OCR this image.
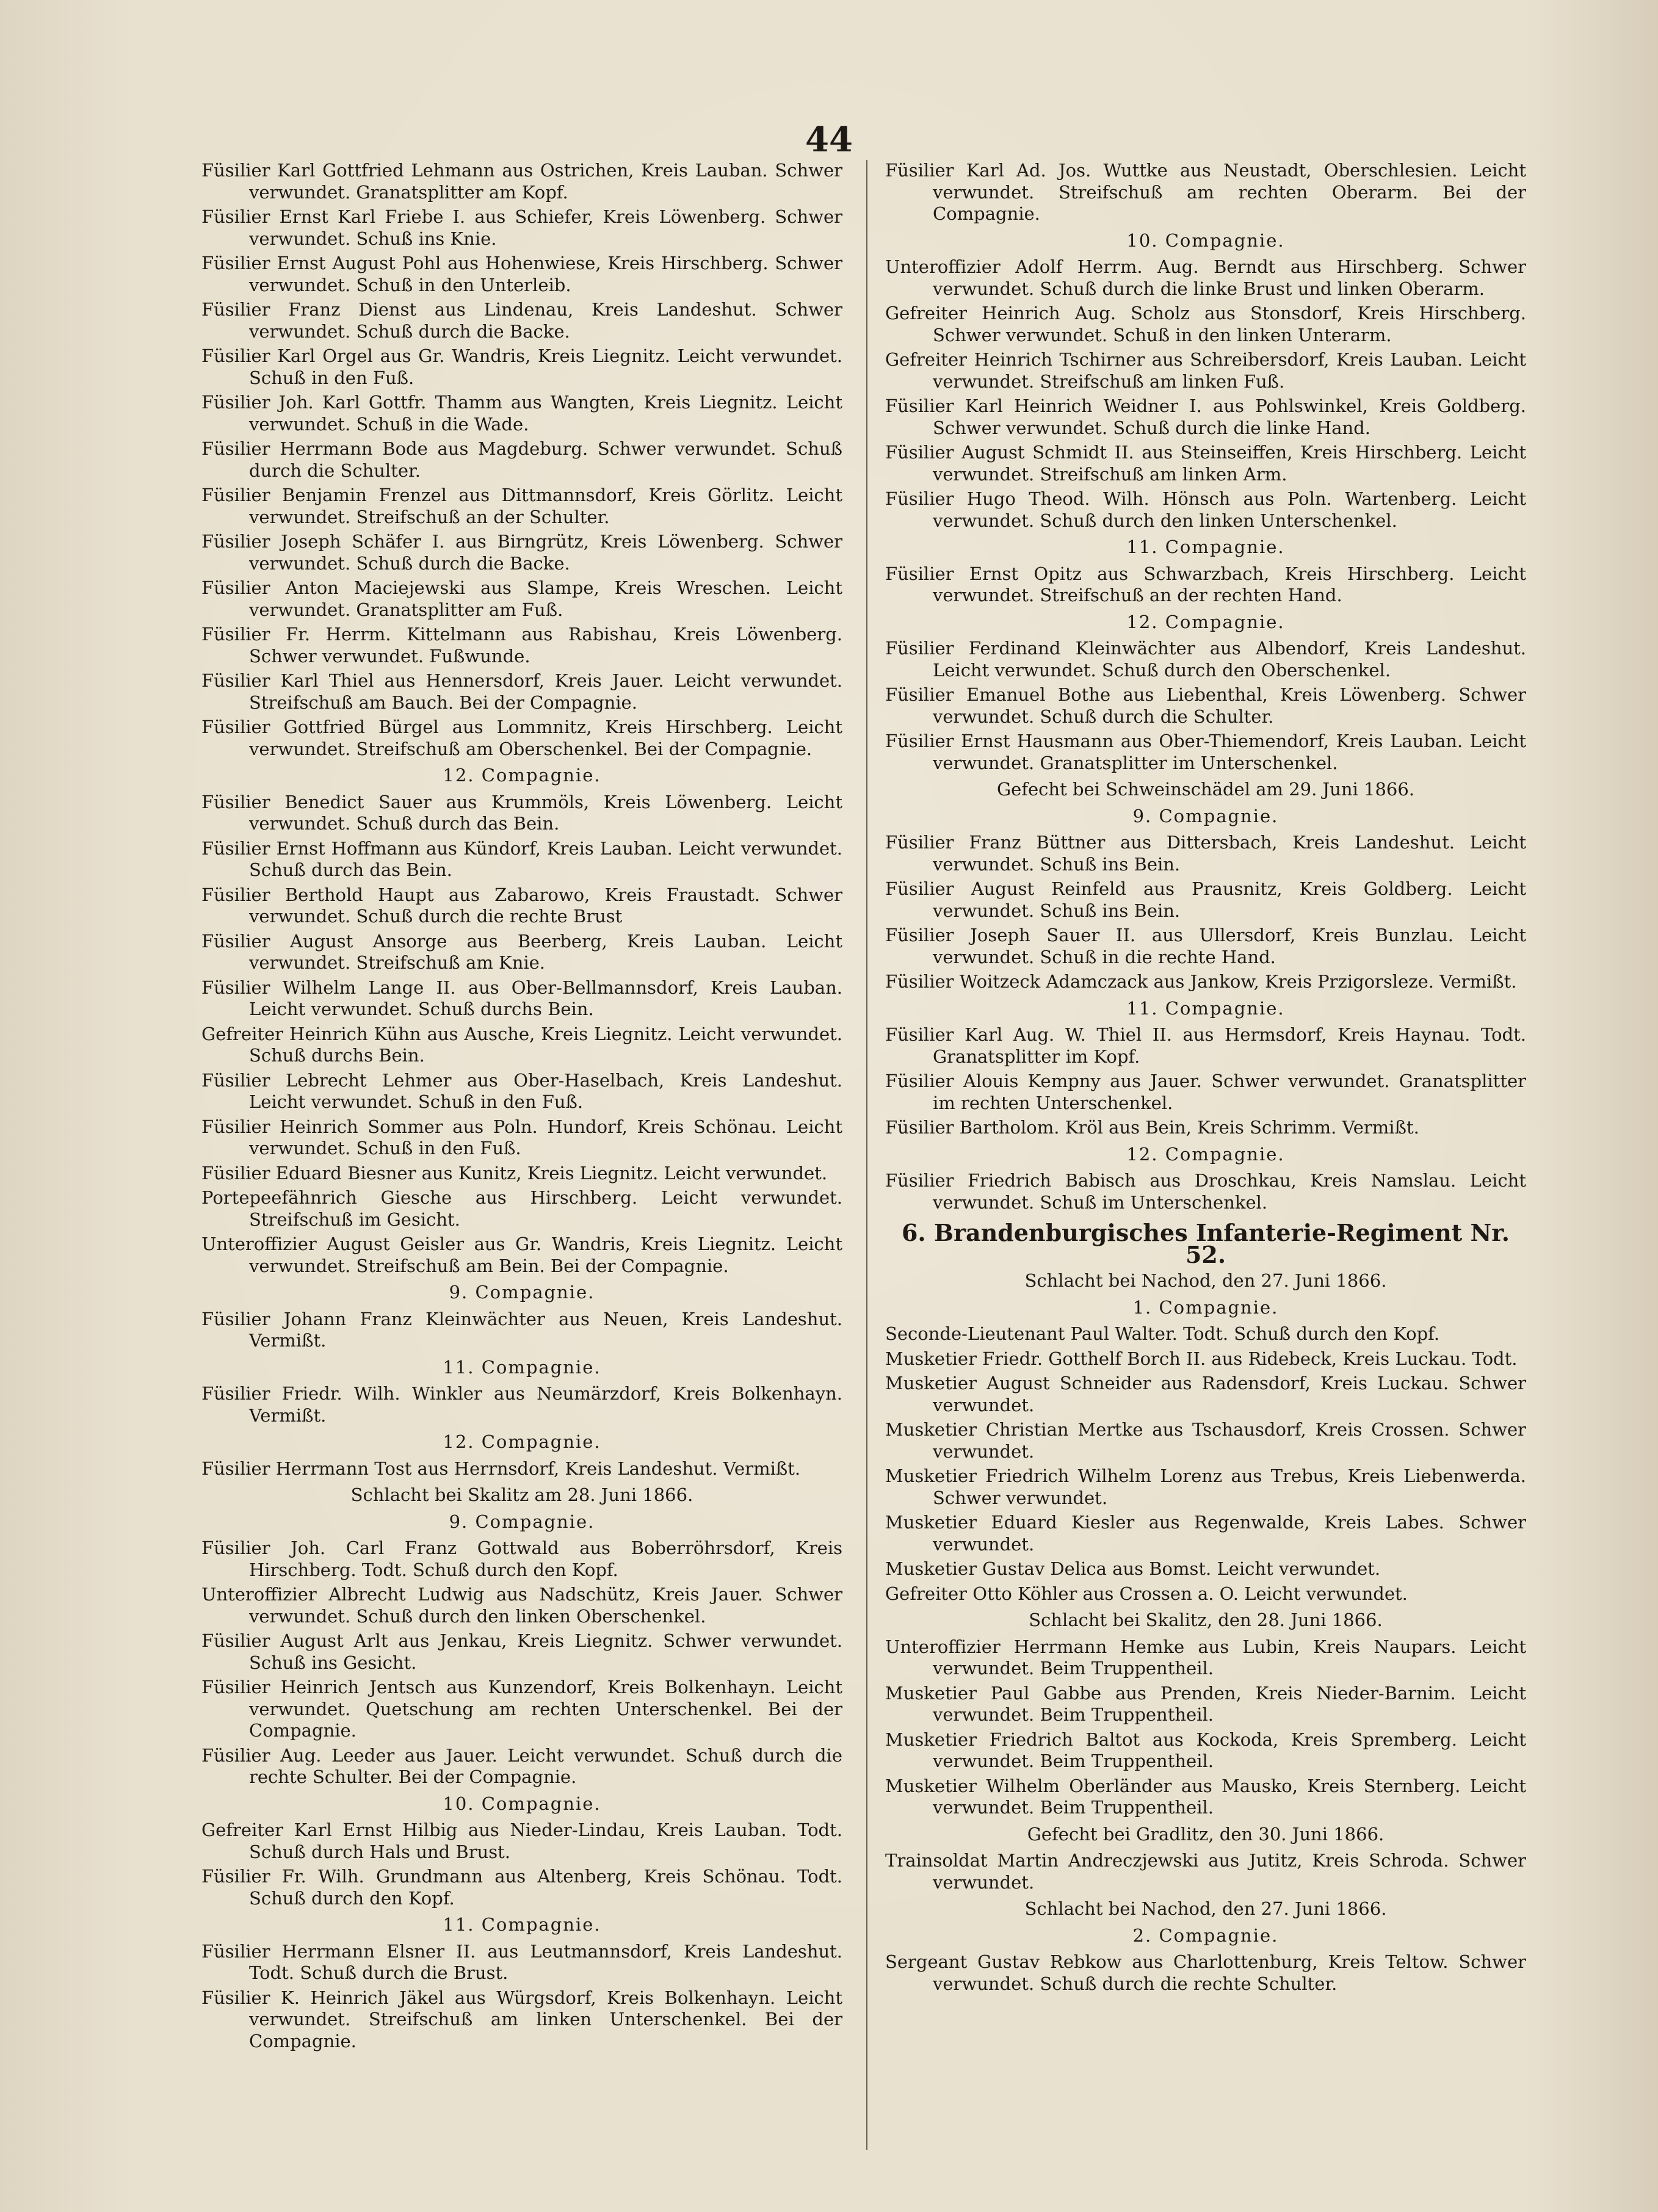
44
Füsilier Karl Gottfried Lehmann aus Ostrichen, Kreis Lauban. Schwer verwundet. Granatsplitter am Kopf.
Füsilier Ernst Karl Friebe I. aus Schiefer, Kreis Löwenberg. Schwer verwundet. Schuß ins Knie.
Füsilier Ernst August Pohl aus Hohenwiese, Kreis Hirschberg. Schwer verwundet. Schuß in den Unterleib.
Füsilier Franz Dienst aus Lindenau, Kreis Landeshut. Schwer verwundet. Schuß durch die Backe.
Füsilier Karl Orgel aus Gr. Wandris, Kreis Liegnitz. Leicht verwundet. Schuß in den Fuß.
Füsilier Joh. Karl Gottfr. Thamm aus Wangten, Kreis Liegnitz. Leicht verwundet. Schuß in die Wade.
Füsilier Herrmann Bode aus Magdeburg. Schwer verwundet. Schuß durch die Schulter.
Füsilier Benjamin Frenzel aus Dittmannsdorf, Kreis Görlitz. Leicht verwundet. Streifschuß an der Schulter.
Füsilier Joseph Schäfer I. aus Birngrütz, Kreis Löwenberg. Schwer verwundet. Schuß durch die Backe.
Füsilier Anton Maciejewski aus Slampe, Kreis Wreschen. Leicht verwundet. Granatsplitter am Fuß.
Füsilier Fr. Herrm. Kittelmann aus Rabishau, Kreis Löwenberg. Schwer verwundet. Fußwunde.
Füsilier Karl Thiel aus Hennersdorf, Kreis Jauer. Leicht verwundet. Streifschuß am Bauch. Bei der Compagnie.
Füsilier Gottfried Bürgel aus Lommnitz, Kreis Hirschberg. Leicht verwundet. Streifschuß am Oberschenkel. Bei der Compagnie.
12. Compagnie.
Füsilier Benedict Sauer aus Krummöls, Kreis Löwenberg. Leicht verwundet. Schuß durch das Bein.
Füsilier Ernst Hoffmann aus Kündorf, Kreis Lauban. Leicht verwundet. Schuß durch das Bein.
Füsilier Berthold Haupt aus Zabarowo, Kreis Fraustadt. Schwer verwundet. Schuß durch die rechte Brust
Füsilier August Ansorge aus Beerberg, Kreis Lauban. Leicht verwundet. Streifschuß am Knie.
Füsilier Wilhelm Lange II. aus Ober-Bellmannsdorf, Kreis Lauban. Leicht verwundet. Schuß durchs Bein.
Gefreiter Heinrich Kühn aus Ausche, Kreis Liegnitz. Leicht verwundet. Schuß durchs Bein.
Füsilier Lebrecht Lehmer aus Ober-Haselbach, Kreis Landeshut. Leicht verwundet. Schuß in den Fuß.
Füsilier Heinrich Sommer aus Poln. Hundorf, Kreis Schönau. Leicht verwundet. Schuß in den Fuß.
Füsilier Eduard Biesner aus Kunitz, Kreis Liegnitz. Leicht verwundet.
Portepeefähnrich Giesche aus Hirschberg. Leicht verwundet. Streifschuß im Gesicht.
Unteroffizier August Geisler aus Gr. Wandris, Kreis Liegnitz. Leicht verwundet. Streifschuß am Bein. Bei der Compagnie.
9. Compagnie.
Füsilier Johann Franz Kleinwächter aus Neuen, Kreis Landeshut. Vermißt.
11. Compagnie.
Füsilier Friedr. Wilh. Winkler aus Neumärzdorf, Kreis Bolkenhayn. Vermißt.
12. Compagnie.
Füsilier Herrmann Tost aus Herrnsdorf, Kreis Landeshut. Vermißt.
Schlacht bei Skalitz am 28. Juni 1866.
9. Compagnie.
Füsilier Joh. Carl Franz Gottwald aus Boberröhrsdorf, Kreis Hirschberg. Todt. Schuß durch den Kopf.
Unteroffizier Albrecht Ludwig aus Nadschütz, Kreis Jauer. Schwer verwundet. Schuß durch den linken Oberschenkel.
Füsilier August Arlt aus Jenkau, Kreis Liegnitz. Schwer verwundet. Schuß ins Gesicht.
Füsilier Heinrich Jentsch aus Kunzendorf, Kreis Bolkenhayn. Leicht verwundet. Quetschung am rechten Unterschenkel. Bei der Compagnie.
Füsilier Aug. Leeder aus Jauer. Leicht verwundet. Schuß durch die rechte Schulter. Bei der Compagnie.
10. Compagnie.
Gefreiter Karl Ernst Hilbig aus Nieder-Lindau, Kreis Lauban. Todt. Schuß durch Hals und Brust.
Füsilier Fr. Wilh. Grundmann aus Altenberg, Kreis Schönau. Todt. Schuß durch den Kopf.
11. Compagnie.
Füsilier Herrmann Elsner II. aus Leutmannsdorf, Kreis Landeshut. Todt. Schuß durch die Brust.
Füsilier K. Heinrich Jäkel aus Würgsdorf, Kreis Bolkenhayn. Leicht verwundet. Streifschuß am linken Unterschenkel. Bei der Compagnie.
Füsilier Karl Ad. Jos. Wuttke aus Neustadt, Oberschlesien. Leicht verwundet. Streifschuß am rechten Oberarm. Bei der Compagnie.
10. Compagnie.
Unteroffizier Adolf Herrm. Aug. Berndt aus Hirschberg. Schwer verwundet. Schuß durch die linke Brust und linken Oberarm.
Gefreiter Heinrich Aug. Scholz aus Stonsdorf, Kreis Hirschberg. Schwer verwundet. Schuß in den linken Unterarm.
Gefreiter Heinrich Tschirner aus Schreibersdorf, Kreis Lauban. Leicht verwundet. Streifschuß am linken Fuß.
Füsilier Karl Heinrich Weidner I. aus Pohlswinkel, Kreis Goldberg. Schwer verwundet. Schuß durch die linke Hand.
Füsilier August Schmidt II. aus Steinseiffen, Kreis Hirschberg. Leicht verwundet. Streifschuß am linken Arm.
Füsilier Hugo Theod. Wilh. Hönsch aus Poln. Wartenberg. Leicht verwundet. Schuß durch den linken Unterschenkel.
11. Compagnie.
Füsilier Ernst Opitz aus Schwarzbach, Kreis Hirschberg. Leicht verwundet. Streifschuß an der rechten Hand.
12. Compagnie.
Füsilier Ferdinand Kleinwächter aus Albendorf, Kreis Landeshut. Leicht verwundet. Schuß durch den Oberschenkel.
Füsilier Emanuel Bothe aus Liebenthal, Kreis Löwenberg. Schwer verwundet. Schuß durch die Schulter.
Füsilier Ernst Hausmann aus Ober-Thiemendorf, Kreis Lauban. Leicht verwundet. Granatsplitter im Unterschenkel.
Gefecht bei Schweinschädel am 29. Juni 1866.
9. Compagnie.
Füsilier Franz Büttner aus Dittersbach, Kreis Landeshut. Leicht verwundet. Schuß ins Bein.
Füsilier August Reinfeld aus Prausnitz, Kreis Goldberg. Leicht verwundet. Schuß ins Bein.
Füsilier Joseph Sauer II. aus Ullersdorf, Kreis Bunzlau. Leicht verwundet. Schuß in die rechte Hand.
Füsilier Woitzeck Adamczack aus Jankow, Kreis Przigorsleze. Vermißt.
11. Compagnie.
Füsilier Karl Aug. W. Thiel II. aus Hermsdorf, Kreis Haynau. Todt. Granatsplitter im Kopf.
Füsilier Alouis Kempny aus Jauer. Schwer verwundet. Granatsplitter im rechten Unterschenkel.
Füsilier Bartholom. Kröl aus Bein, Kreis Schrimm. Vermißt.
12. Compagnie.
Füsilier Friedrich Babisch aus Droschkau, Kreis Namslau. Leicht verwundet. Schuß im Unterschenkel.
6. Brandenburgisches Infanterie-Regiment Nr. 52.
Schlacht bei Nachod, den 27. Juni 1866.
1. Compagnie.
Seconde-Lieutenant Paul Walter. Todt. Schuß durch den Kopf.
Musketier Friedr. Gotthelf Borch II. aus Ridebeck, Kreis Luckau. Todt.
Musketier August Schneider aus Radensdorf, Kreis Luckau. Schwer verwundet.
Musketier Christian Mertke aus Tschausdorf, Kreis Crossen. Schwer verwundet.
Musketier Friedrich Wilhelm Lorenz aus Trebus, Kreis Liebenwerda. Schwer verwundet.
Musketier Eduard Kiesler aus Regenwalde, Kreis Labes. Schwer verwundet.
Musketier Gustav Delica aus Bomst. Leicht verwundet.
Gefreiter Otto Köhler aus Crossen a. O. Leicht verwundet.
Schlacht bei Skalitz, den 28. Juni 1866.
Unteroffizier Herrmann Hemke aus Lubin, Kreis Naupars. Leicht verwundet. Beim Truppentheil.
Musketier Paul Gabbe aus Prenden, Kreis Nieder-Barnim. Leicht verwundet. Beim Truppentheil.
Musketier Friedrich Baltot aus Kockoda, Kreis Spremberg. Leicht verwundet. Beim Truppentheil.
Musketier Wilhelm Oberländer aus Mausko, Kreis Sternberg. Leicht verwundet. Beim Truppentheil.
Gefecht bei Gradlitz, den 30. Juni 1866.
Trainsoldat Martin Andreczjewski aus Jutitz, Kreis Schroda. Schwer verwundet.
Schlacht bei Nachod, den 27. Juni 1866.
2. Compagnie.
Sergeant Gustav Rebkow aus Charlottenburg, Kreis Teltow. Schwer verwundet. Schuß durch die rechte Schulter.
